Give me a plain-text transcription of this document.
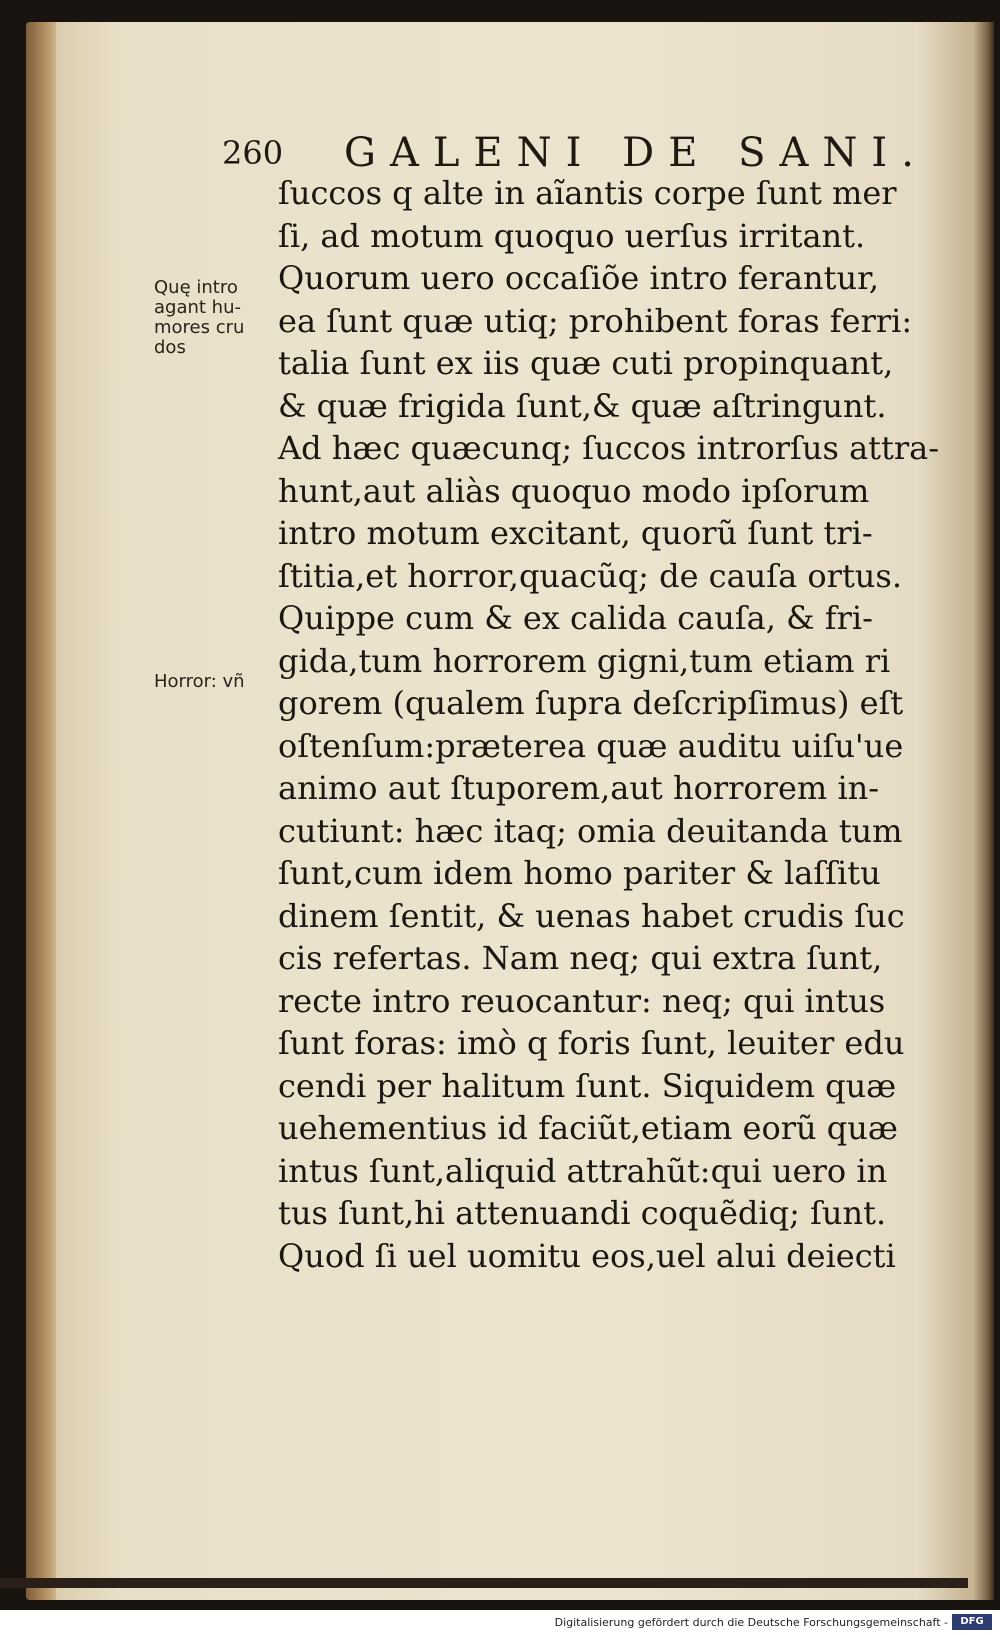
260 GALENI DE SANI.
Quę intro agant hu- mores cru dos
Horror: vñ
ſuccos q alte in aĩantis corpe ſunt mer
ſi, ad motum quoquo uerſus irritant.
Quorum uero occaſiõe intro ferantur,
ea ſunt quæ utiq; prohibent foras ferri:
talia ſunt ex iis quæ cuti propinquant,
& quæ frigida ſunt,& quæ aſtringunt.
Ad hæc quæcunq; ſuccos introrſus attra-
hunt,aut aliàs quoquo modo ipſorum
intro motum excitant, quorũ ſunt tri-
ſtitia,et horror,quacũq; de cauſa ortus.
Quippe cum & ex calida cauſa, & fri-
gida,tum horrorem gigni,tum etiam ri
gorem (qualem ſupra deſcripſimus) eſt
oſtenſum:præterea quæ auditu uiſu'ue
animo aut ſtuporem,aut horrorem in-
cutiunt: hæc itaq; omia deuitanda tum
ſunt,cum idem homo pariter & laſſitu
dinem ſentit, & uenas habet crudis ſuc
cis refertas. Nam neq; qui extra ſunt,
recte intro reuocantur: neq; qui intus
ſunt foras: imò q foris ſunt, leuiter edu
cendi per halitum ſunt. Siquidem quæ
uehementius id faciũt,etiam eorũ quæ
intus ſunt,aliquid attrahũt:qui uero in
tus ſunt,hi attenuandi coquẽdiq; ſunt.
Quod ſi uel uomitu eos,uel alui deiecti
Digitalisierung gefördert durch die Deutsche Forschungsgemeinschaft -	DFG
